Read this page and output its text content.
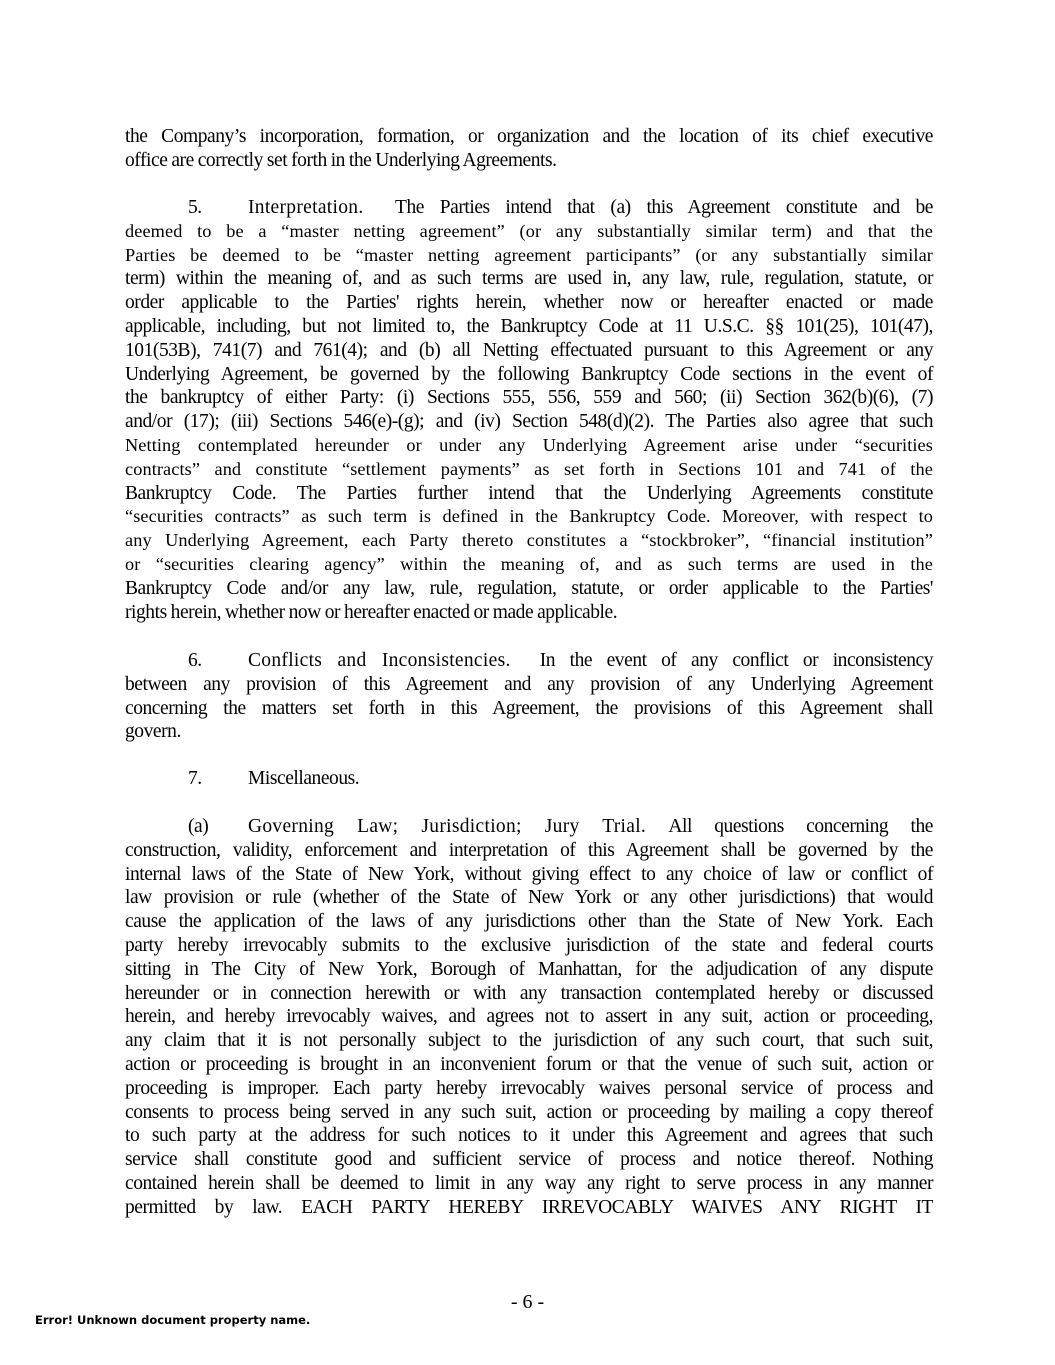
the Company’s incorporation, formation, or organization and the location of its chief executive
office are correctly set forth in the Underlying Agreements.
5. Interpretation. The Parties intend that (a) this Agreement constitute and be
deemed to be a “master netting agreement” (or any substantially similar term) and that the
Parties be deemed to be “master netting agreement participants” (or any substantially similar
term) within the meaning of, and as such terms are used in, any law, rule, regulation, statute, or
order applicable to the Parties' rights herein, whether now or hereafter enacted or made
applicable, including, but not limited to, the Bankruptcy Code at 11 U.S.C. §§ 101(25), 101(47),
101(53B), 741(7) and 761(4); and (b) all Netting effectuated pursuant to this Agreement or any
Underlying Agreement, be governed by the following Bankruptcy Code sections in the event of
the bankruptcy of either Party: (i) Sections 555, 556, 559 and 560; (ii) Section 362(b)(6), (7)
and/or (17); (iii) Sections 546(e)-(g); and (iv) Section 548(d)(2). The Parties also agree that such
Netting contemplated hereunder or under any Underlying Agreement arise under “securities
contracts” and constitute “settlement payments” as set forth in Sections 101 and 741 of the
Bankruptcy Code. The Parties further intend that the Underlying Agreements constitute
“securities contracts” as such term is defined in the Bankruptcy Code. Moreover, with respect to
any Underlying Agreement, each Party thereto constitutes a “stockbroker”, “financial institution”
or “securities clearing agency” within the meaning of, and as such terms are used in the
Bankruptcy Code and/or any law, rule, regulation, statute, or order applicable to the Parties'
rights herein, whether now or hereafter enacted or made applicable.
6. Conflicts and Inconsistencies. In the event of any conflict or inconsistency
between any provision of this Agreement and any provision of any Underlying Agreement
concerning the matters set forth in this Agreement, the provisions of this Agreement shall
govern.
7. Miscellaneous.
(a) Governing Law; Jurisdiction; Jury Trial. All questions concerning the
construction, validity, enforcement and interpretation of this Agreement shall be governed by the
internal laws of the State of New York, without giving effect to any choice of law or conflict of
law provision or rule (whether of the State of New York or any other jurisdictions) that would
cause the application of the laws of any jurisdictions other than the State of New York. Each
party hereby irrevocably submits to the exclusive jurisdiction of the state and federal courts
sitting in The City of New York, Borough of Manhattan, for the adjudication of any dispute
hereunder or in connection herewith or with any transaction contemplated hereby or discussed
herein, and hereby irrevocably waives, and agrees not to assert in any suit, action or proceeding,
any claim that it is not personally subject to the jurisdiction of any such court, that such suit,
action or proceeding is brought in an inconvenient forum or that the venue of such suit, action or
proceeding is improper. Each party hereby irrevocably waives personal service of process and
consents to process being served in any such suit, action or proceeding by mailing a copy thereof
to such party at the address for such notices to it under this Agreement and agrees that such
service shall constitute good and sufficient service of process and notice thereof. Nothing
contained herein shall be deemed to limit in any way any right to serve process in any manner
permitted by law. EACH PARTY HEREBY IRREVOCABLY WAIVES ANY RIGHT IT
- 6 -
Error! Unknown document property name.
